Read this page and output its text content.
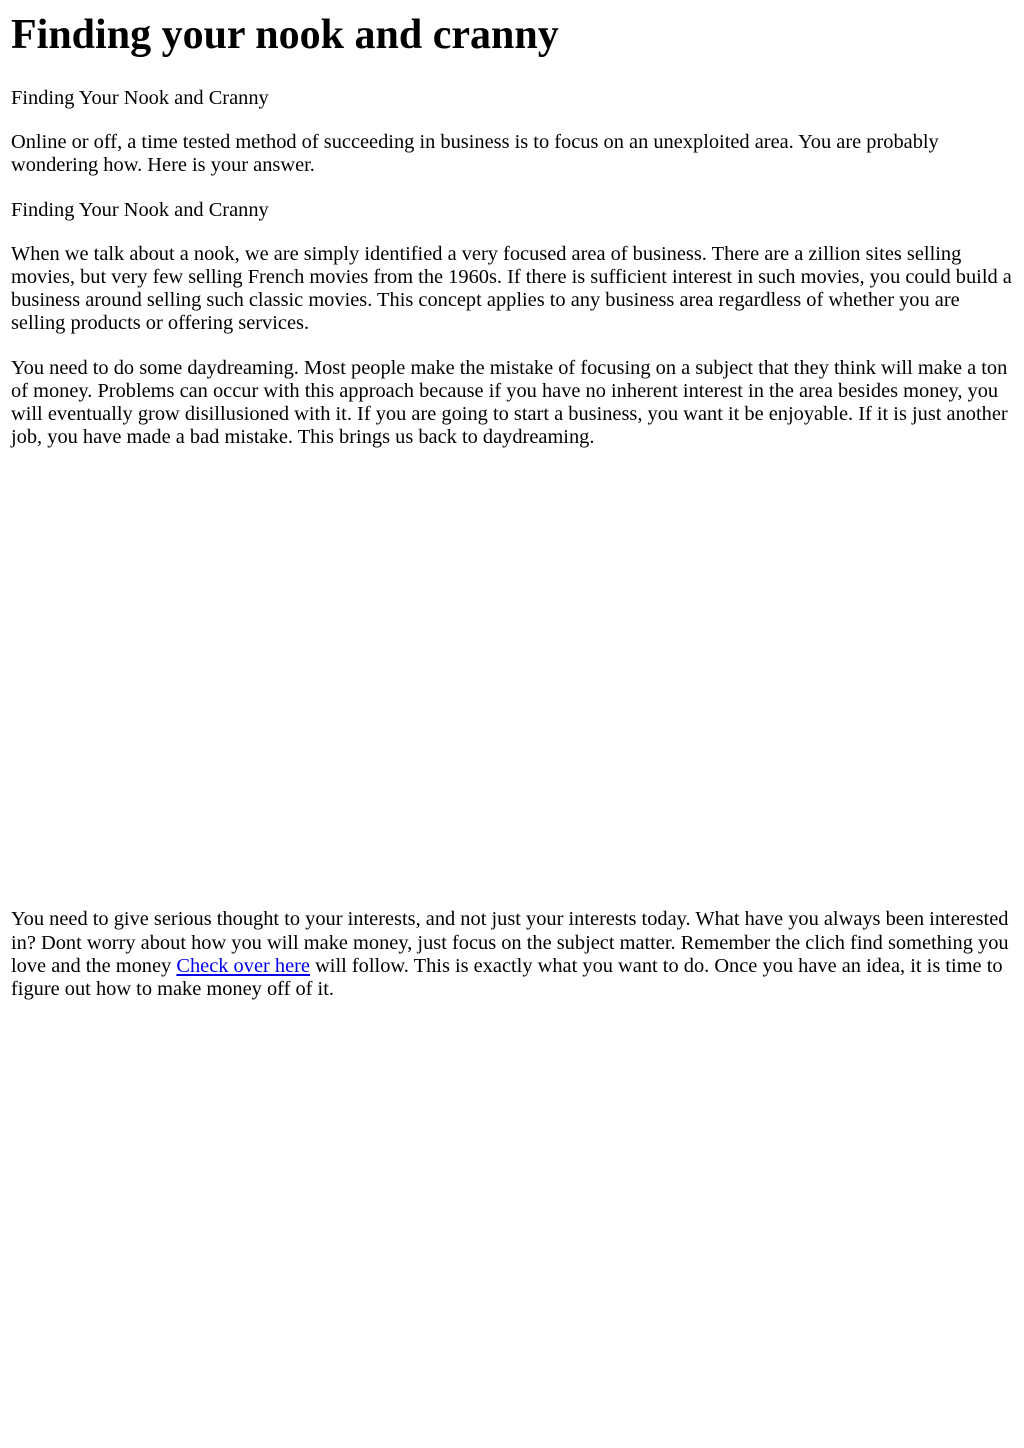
Finding your nook and cranny

Finding Your Nook and Cranny

Online or off, a time tested method of succeeding in business is to focus on an unexploited area. You are probably wondering how. Here is your answer.

Finding Your Nook and Cranny

When we talk about a nook, we are simply identified a very focused area of business. There are a zillion sites selling movies, but very few selling French movies from the 1960s. If there is sufficient interest in such movies, you could build a business around selling such classic movies. This concept applies to any business area regardless of whether you are selling products or offering services.

You need to do some daydreaming. Most people make the mistake of focusing on a subject that they think will make a ton of money. Problems can occur with this approach because if you have no inherent interest in the area besides money, you will eventually grow disillusioned with it. If you are going to start a business, you want it be enjoyable. If it is just another job, you have made a bad mistake. This brings us back to daydreaming.

You need to give serious thought to your interests, and not just your interests today. What have you always been interested in? Dont worry about how you will make money, just focus on the subject matter. Remember the clich find something you love and the money Check over here will follow. This is exactly what you want to do. Once you have an idea, it is time to figure out how to make money off of it.
